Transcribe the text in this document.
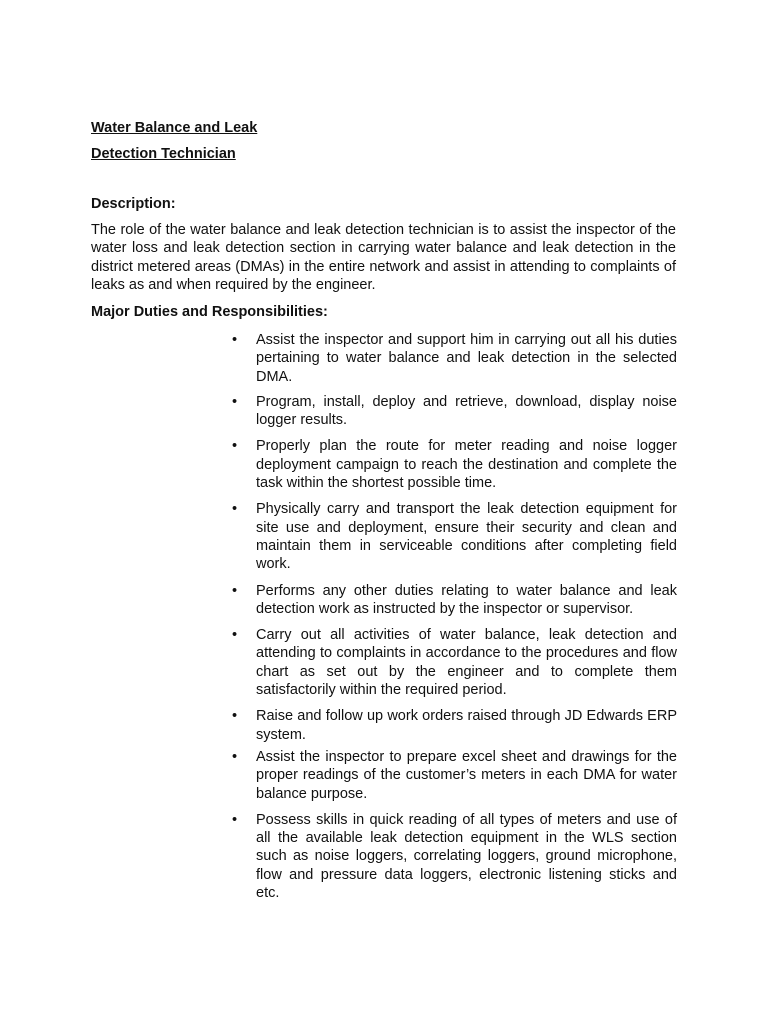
Water Balance and Leak
Detection Technician
Description:

The role of the water balance and leak detection technician is to assist the inspector of the water loss and leak detection section in carrying water balance and leak detection in the district metered areas (DMAs) in the entire network and assist in attending to complaints of leaks as and when required by the engineer.

Major Duties and Responsibilities:
• Assist the inspector and support him in carrying out all his duties pertaining to water balance and leak detection in the selected DMA.
• Program, install, deploy and retrieve, download, display noise logger results.
• Properly plan the route for meter reading and noise logger deployment campaign to reach the destination and complete the task within the shortest possible time.
• Physically carry and transport the leak detection equipment for site use and deployment, ensure their security and clean and maintain them in serviceable conditions after completing field work.
• Performs any other duties relating to water balance and leak detection work as instructed by the inspector or supervisor.
• Carry out all activities of water balance, leak detection and attending to complaints in accordance to the procedures and flow chart as set out by the engineer and to complete them satisfactorily within the required period.
• Raise and follow up work orders raised through JD Edwards ERP system.
• Assist the inspector to prepare excel sheet and drawings for the proper readings of the customer’s meters in each DMA for water balance purpose.
• Possess skills in quick reading of all types of meters and use of all the available leak detection equipment in the WLS section such as noise loggers, correlating loggers, ground microphone, flow and pressure data loggers, electronic listening sticks and etc.
